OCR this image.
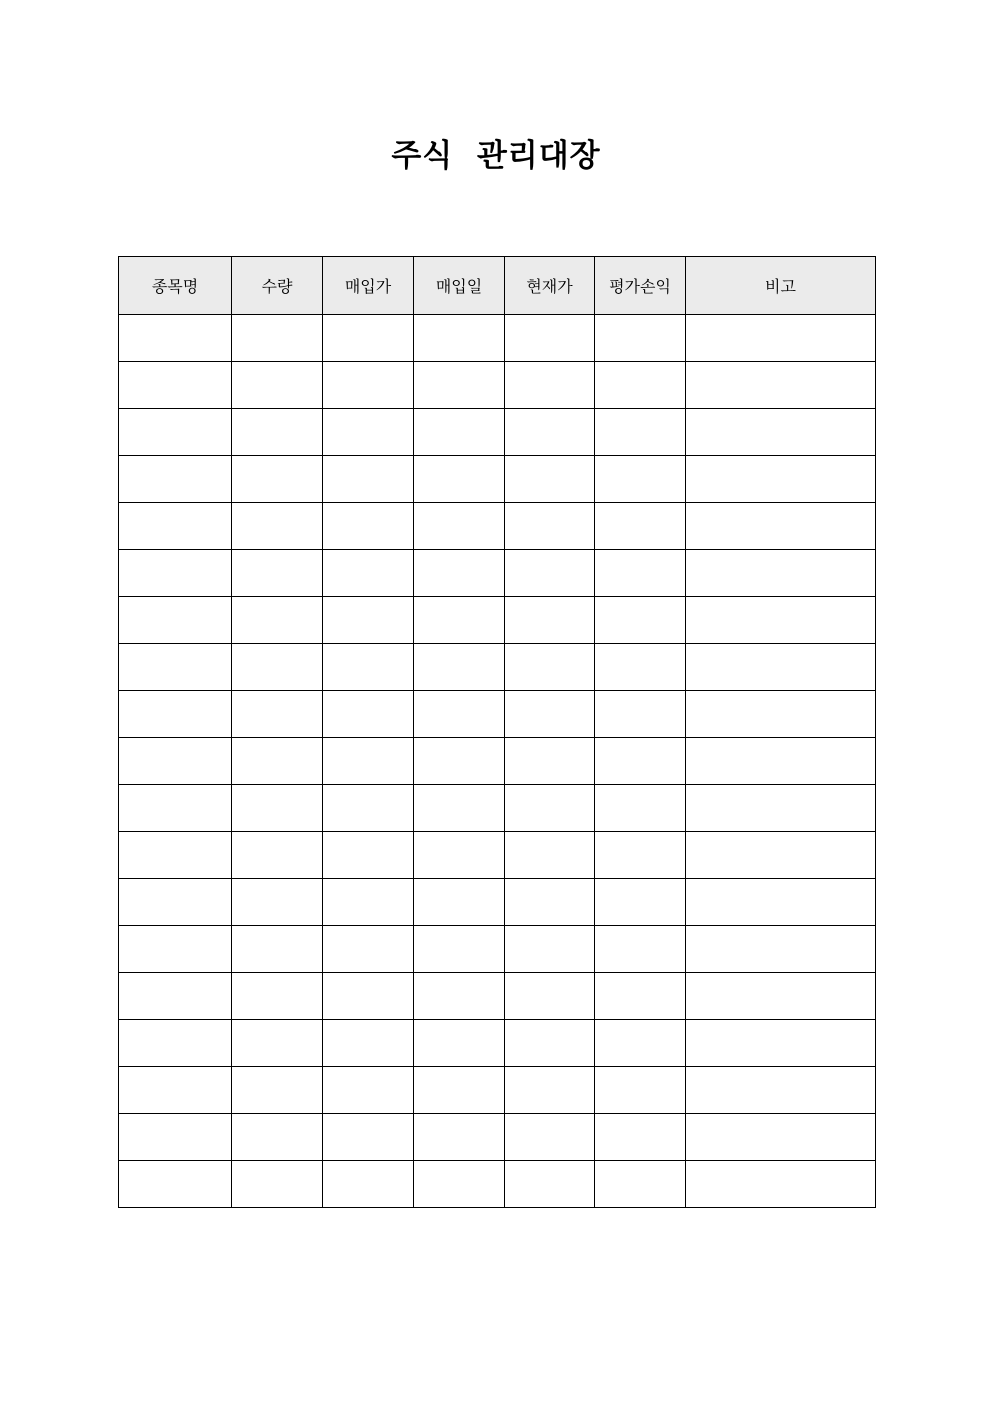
주식  관리대장
종목명	수량	매입가	매입일	현재가	평가손익	비고
